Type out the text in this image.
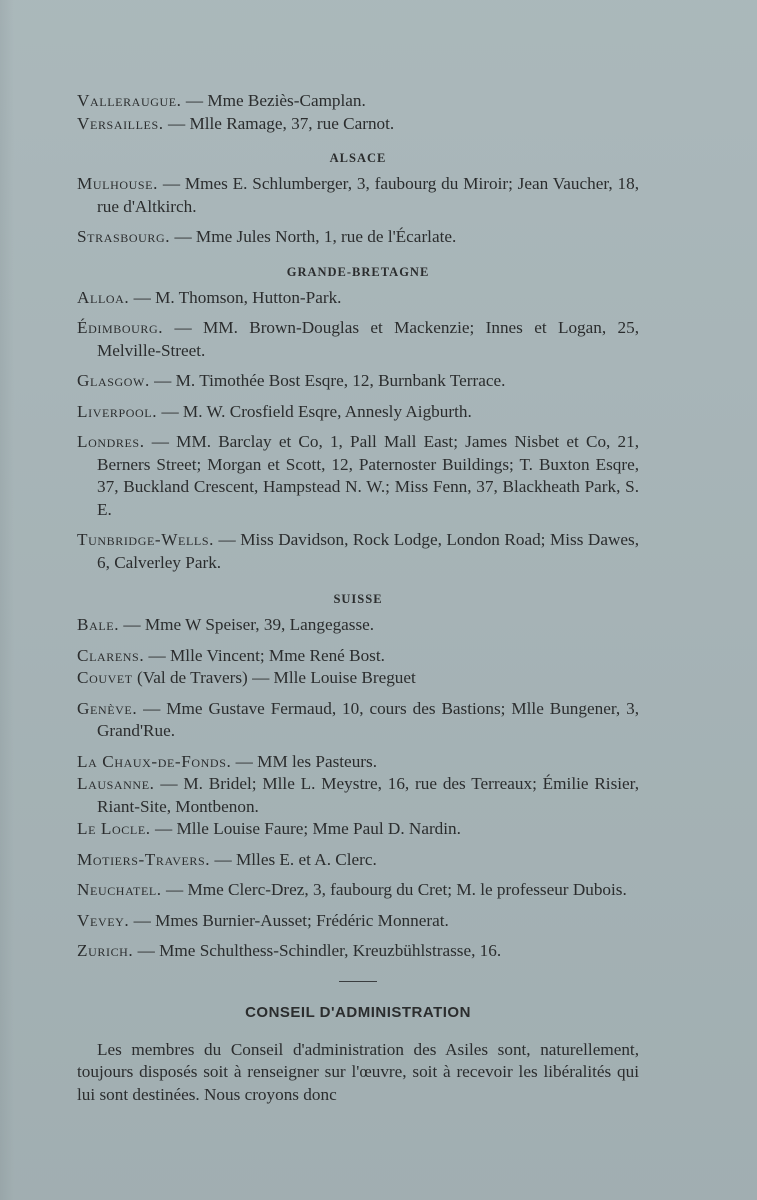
Valleraugue. — Mme Beziès-Camplan.

Versailles. — Mlle Ramage, 37, rue Carnot.

ALSACE

Mulhouse. — Mmes E. Schlumberger, 3, faubourg du Miroir; Jean Vaucher, 18, rue d'Altkirch.

Strasbourg. — Mme Jules North, 1, rue de l'Écarlate.

GRANDE-BRETAGNE

Alloa. — M. Thomson, Hutton-Park.

Édimbourg. — MM. Brown-Douglas et Mackenzie; Innes et Logan, 25, Melville-Street.

Glasgow. — M. Timothée Bost Esqre, 12, Burnbank Terrace.

Liverpool. — M. W. Crosfield Esqre, Annesly Aigburth.

Londres. — MM. Barclay et Co, 1, Pall Mall East; James Nisbet et Co, 21, Berners Street; Morgan et Scott, 12, Paternoster Buildings; T. Buxton Esqre, 37, Buckland Crescent, Hampstead N. W.; Miss Fenn, 37, Blackheath Park, S. E.

Tunbridge-Wells. — Miss Davidson, Rock Lodge, London Road; Miss Dawes, 6, Calverley Park.

SUISSE

Bale. — Mme W Speiser, 39, Langegasse.

Clarens. — Mlle Vincent; Mme René Bost.

Couvet (Val de Travers) — Mlle Louise Breguet

Genève. — Mme Gustave Fermaud, 10, cours des Bastions; Mlle Bungener, 3, Grand'Rue.

La Chaux-de-Fonds. — MM les Pasteurs.

Lausanne. — M. Bridel; Mlle L. Meystre, 16, rue des Terreaux; Émilie Risier, Riant-Site, Montbenon.

Le Locle. — Mlle Louise Faure; Mme Paul D. Nardin.

Motiers-Travers. — Mlles E. et A. Clerc.

Neuchatel. — Mme Clerc-Drez, 3, faubourg du Cret; M. le professeur Dubois.

Vevey. — Mmes Burnier-Ausset; Frédéric Monnerat.

Zurich. — Mme Schulthess-Schindler, Kreuzbühlstrasse, 16.

CONSEIL D'ADMINISTRATION

Les membres du Conseil d'administration des Asiles sont, naturellement, toujours disposés soit à renseigner sur l'œuvre, soit à recevoir les libéralités qui lui sont destinées. Nous croyons donc
